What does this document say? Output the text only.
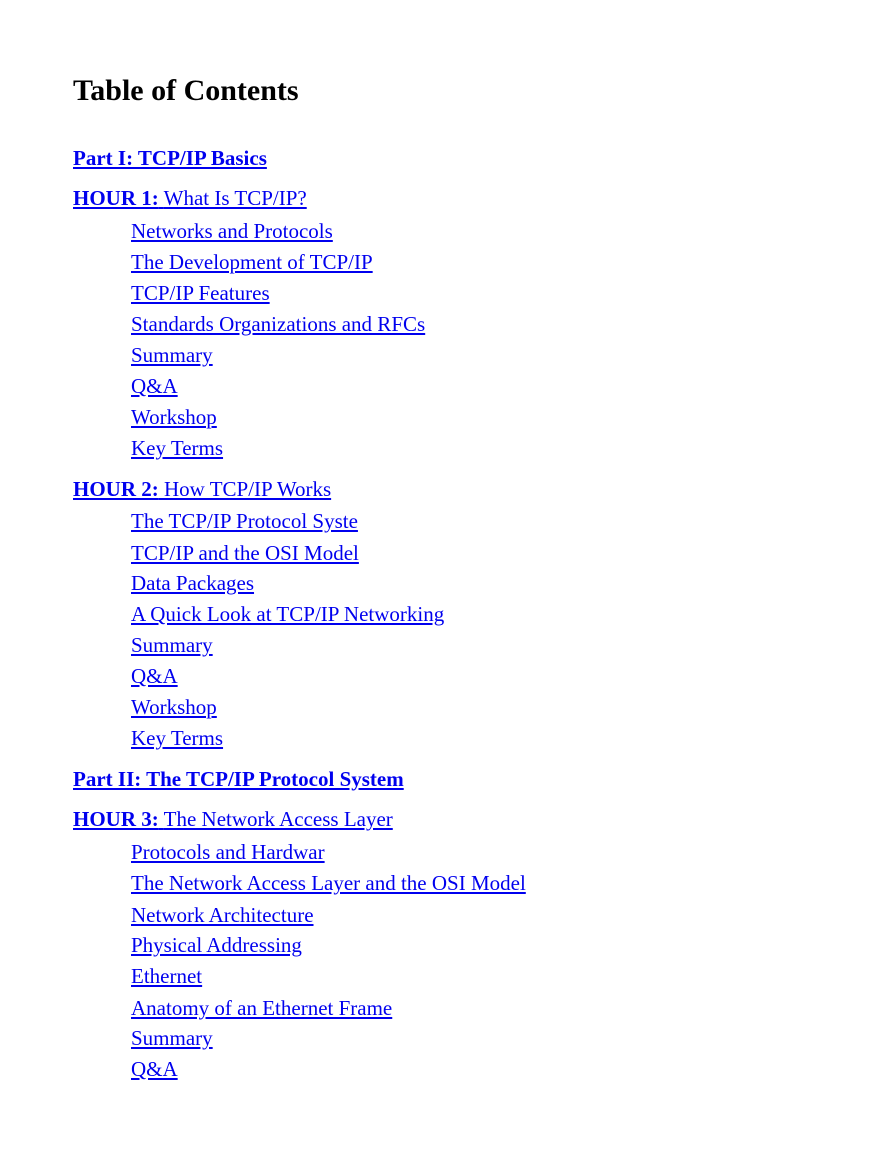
Table of Contents
Part I: TCP/IP Basics
HOUR 1: What Is TCP/IP?
Networks and Protocols
The Development of TCP/IP
TCP/IP Features
Standards Organizations and RFCs
Summary
Q&A
Workshop
Key Terms
HOUR 2: How TCP/IP Works
The TCP/IP Protocol Syste
TCP/IP and the OSI Model
Data Packages
A Quick Look at TCP/IP Networking
Summary
Q&A
Workshop
Key Terms
Part II: The TCP/IP Protocol System
HOUR 3: The Network Access Layer
Protocols and Hardwar
The Network Access Layer and the OSI Model
Network Architecture
Physical Addressing
Ethernet
Anatomy of an Ethernet Frame
Summary
Q&A
